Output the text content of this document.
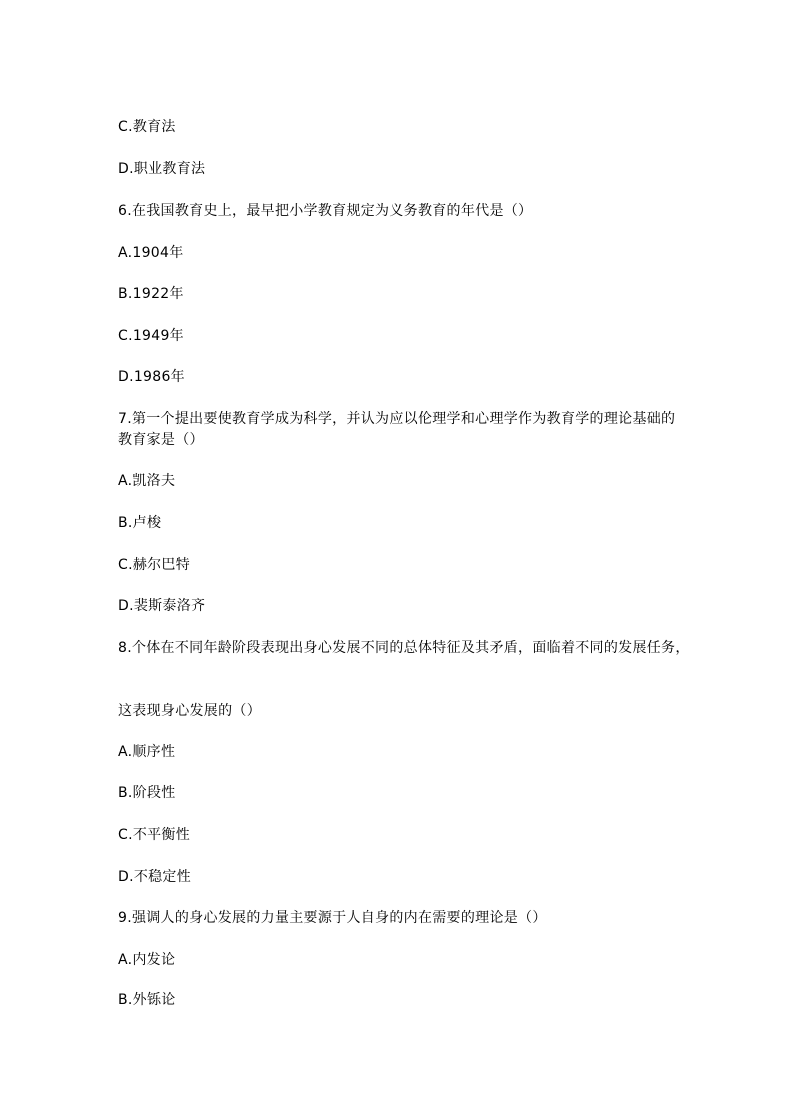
C.教育法
D.职业教育法
6.在我国教育史上，最早把小学教育规定为义务教育的年代是（）
A.1904年
B.1922年
C.1949年
D.1986年
7.第一个提出要使教育学成为科学，并认为应以伦理学和心理学作为教育学的理论基础的
教育家是（）
A.凯洛夫
B.卢梭
C.赫尔巴特
D.裴斯泰洛齐
8.个体在不同年龄阶段表现出身心发展不同的总体特征及其矛盾，面临着不同的发展任务，
这表现身心发展的（）
A.顺序性
B.阶段性
C.不平衡性
D.不稳定性
9.强调人的身心发展的力量主要源于人自身的内在需要的理论是（）
A.内发论
B.外铄论
